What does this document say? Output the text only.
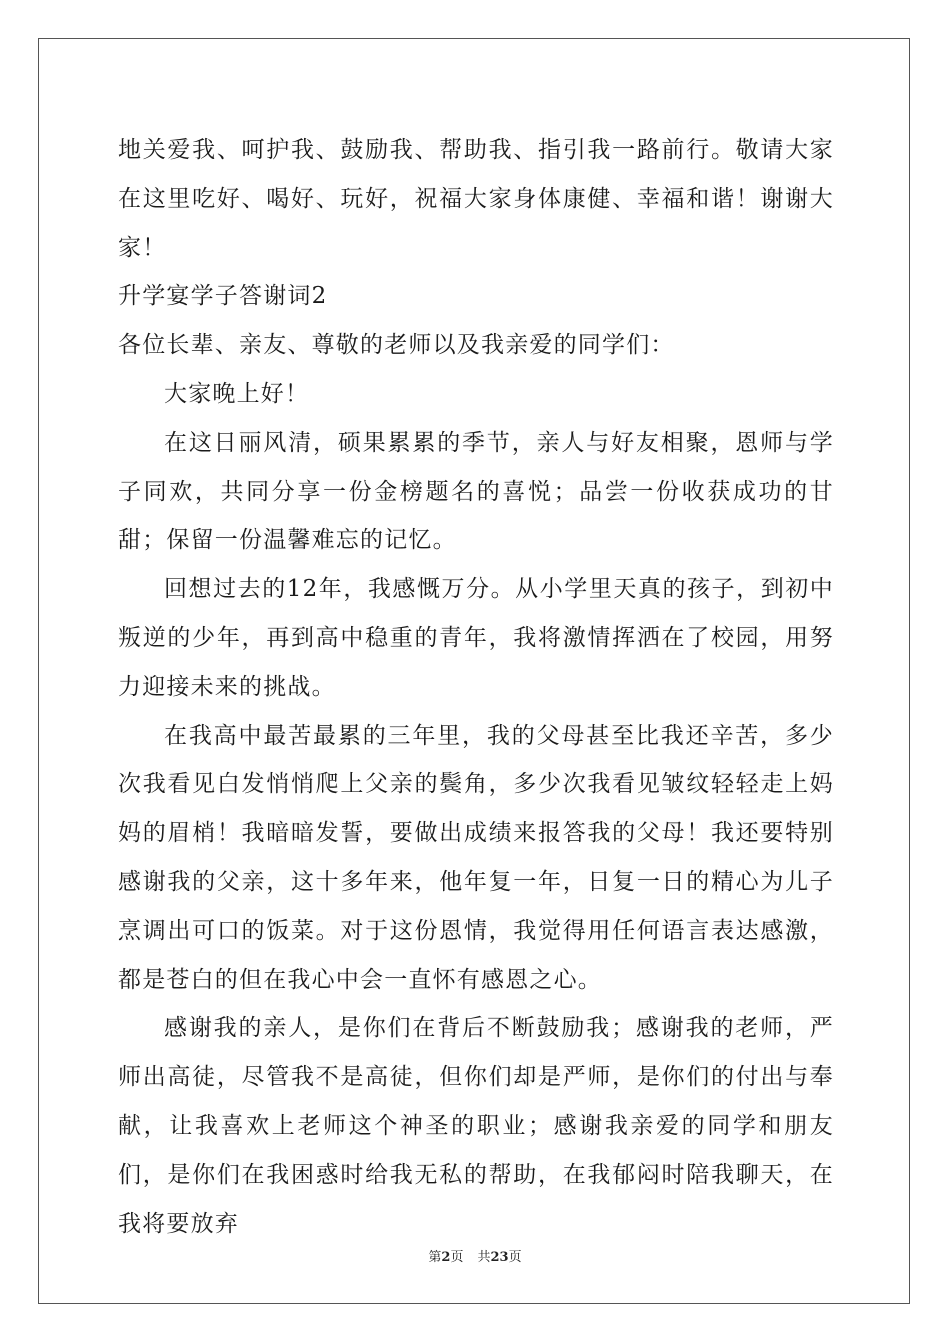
地关爱我、呵护我、鼓励我、帮助我、指引我一路前行。敬请大家在这里吃好、喝好、玩好，祝福大家身体康健、幸福和谐！谢谢大家！

升学宴学子答谢词2

各位长辈、亲友、尊敬的老师以及我亲爱的同学们：

大家晚上好！

在这日丽风清，硕果累累的季节，亲人与好友相聚，恩师与学子同欢，共同分享一份金榜题名的喜悦；品尝一份收获成功的甘甜；保留一份温馨难忘的记忆。

回想过去的12年，我感慨万分。从小学里天真的孩子，到初中叛逆的少年，再到高中稳重的青年，我将激情挥洒在了校园，用努力迎接未来的挑战。

在我高中最苦最累的三年里，我的父母甚至比我还辛苦，多少次我看见白发悄悄爬上父亲的鬓角，多少次我看见皱纹轻轻走上妈妈的眉梢！我暗暗发誓，要做出成绩来报答我的父母！我还要特别感谢我的父亲，这十多年来，他年复一年，日复一日的精心为儿子烹调出可口的饭菜。对于这份恩情，我觉得用任何语言表达感激，都是苍白的但在我心中会一直怀有感恩之心。

感谢我的亲人，是你们在背后不断鼓励我；感谢我的老师，严师出高徒，尽管我不是高徒，但你们却是严师，是你们的付出与奉献，让我喜欢上老师这个神圣的职业；感谢我亲爱的同学和朋友们，是你们在我困惑时给我无私的帮助，在我郁闷时陪我聊天，在我将要放弃

第2页 共23页
